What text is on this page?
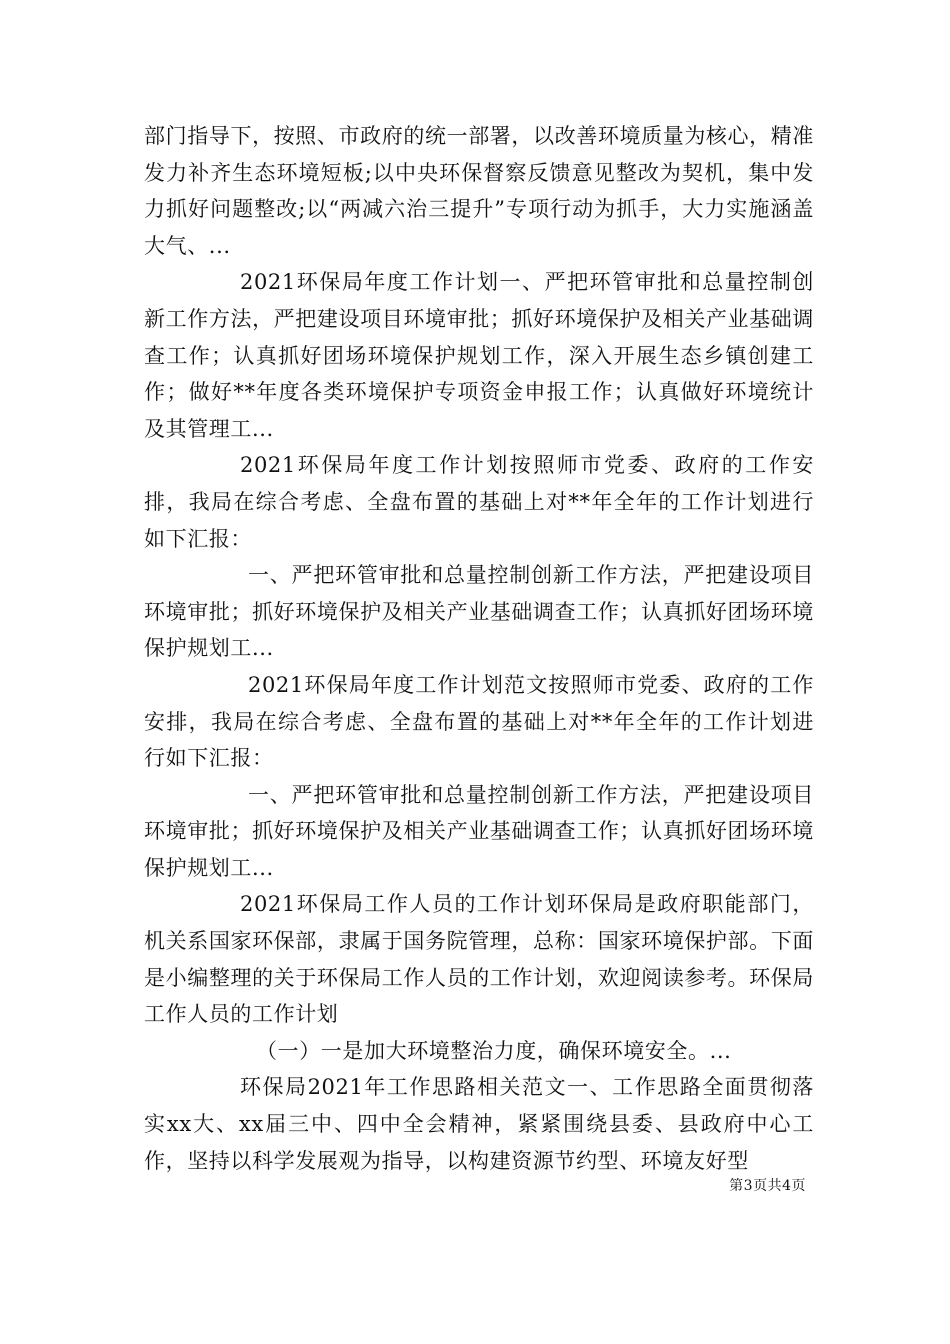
部门指导下，按照、市政府的统一部署，以改善环境质量为核心，精准发力补齐生态环境短板;以中央环保督察反馈意见整改为契机，集中发力抓好问题整改;以“两减六治三提升”专项行动为抓手，大力实施涵盖大气、...

2021环保局年度工作计划一、严把环管审批和总量控制创新工作方法，严把建设项目环境审批；抓好环境保护及相关产业基础调查工作；认真抓好团场环境保护规划工作，深入开展生态乡镇创建工作；做好**年度各类环境保护专项资金申报工作；认真做好环境统计及其管理工...

2021环保局年度工作计划按照师市党委、政府的工作安排，我局在综合考虑、全盘布置的基础上对**年全年的工作计划进行如下汇报：

一、严把环管审批和总量控制创新工作方法，严把建设项目环境审批；抓好环境保护及相关产业基础调查工作；认真抓好团场环境保护规划工...

2021环保局年度工作计划范文按照师市党委、政府的工作安排，我局在综合考虑、全盘布置的基础上对**年全年的工作计划进行如下汇报：

一、严把环管审批和总量控制创新工作方法，严把建设项目环境审批；抓好环境保护及相关产业基础调查工作；认真抓好团场环境保护规划工...

2021环保局工作人员的工作计划环保局是政府职能部门，机关系国家环保部，隶属于国务院管理，总称：国家环境保护部。下面是小编整理的关于环保局工作人员的工作计划，欢迎阅读参考。环保局工作人员的工作计划

（一）一是加大环境整治力度，确保环境安全。...

环保局2021年工作思路相关范文一、工作思路全面贯彻落实xx大、xx届三中、四中全会精神，紧紧围绕县委、县政府中心工作，坚持以科学发展观为指导，以构建资源节约型、环境友好型

第3页共4页
